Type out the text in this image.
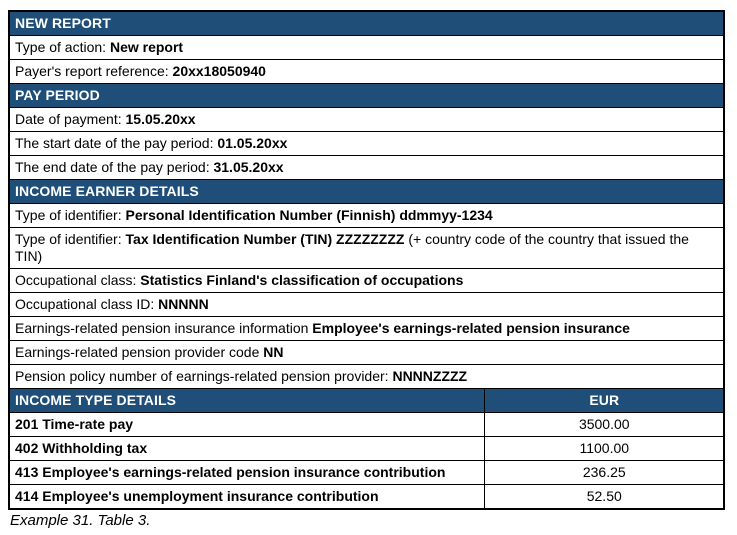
NEW REPORT	
Type of action: New report	
Payer's report reference: 20xx18050940	
PAY PERIOD	
Date of payment: 15.05.20xx	
The start date of the pay period: 01.05.20xx	
The end date of the pay period: 31.05.20xx	
INCOME EARNER DETAILS	
Type of identifier: Personal Identification Number (Finnish) ddmmyy-1234	
Type of identifier: Tax Identification Number (TIN) ZZZZZZZZ (+ country code of the country that issued the TIN)	
Occupational class: Statistics Finland's classification of occupations	
Occupational class ID: NNNNN	
Earnings-related pension insurance information Employee's earnings-related pension insurance	
Earnings-related pension provider code NN	
Pension policy number of earnings-related pension provider: NNNNZZZZ	
INCOME TYPE DETAILS	EUR
201 Time-rate pay	3500.00
402 Withholding tax	1100.00
413 Employee's earnings-related pension insurance contribution	236.25
414 Employee's unemployment insurance contribution	52.50
Example 31. Table 3.
